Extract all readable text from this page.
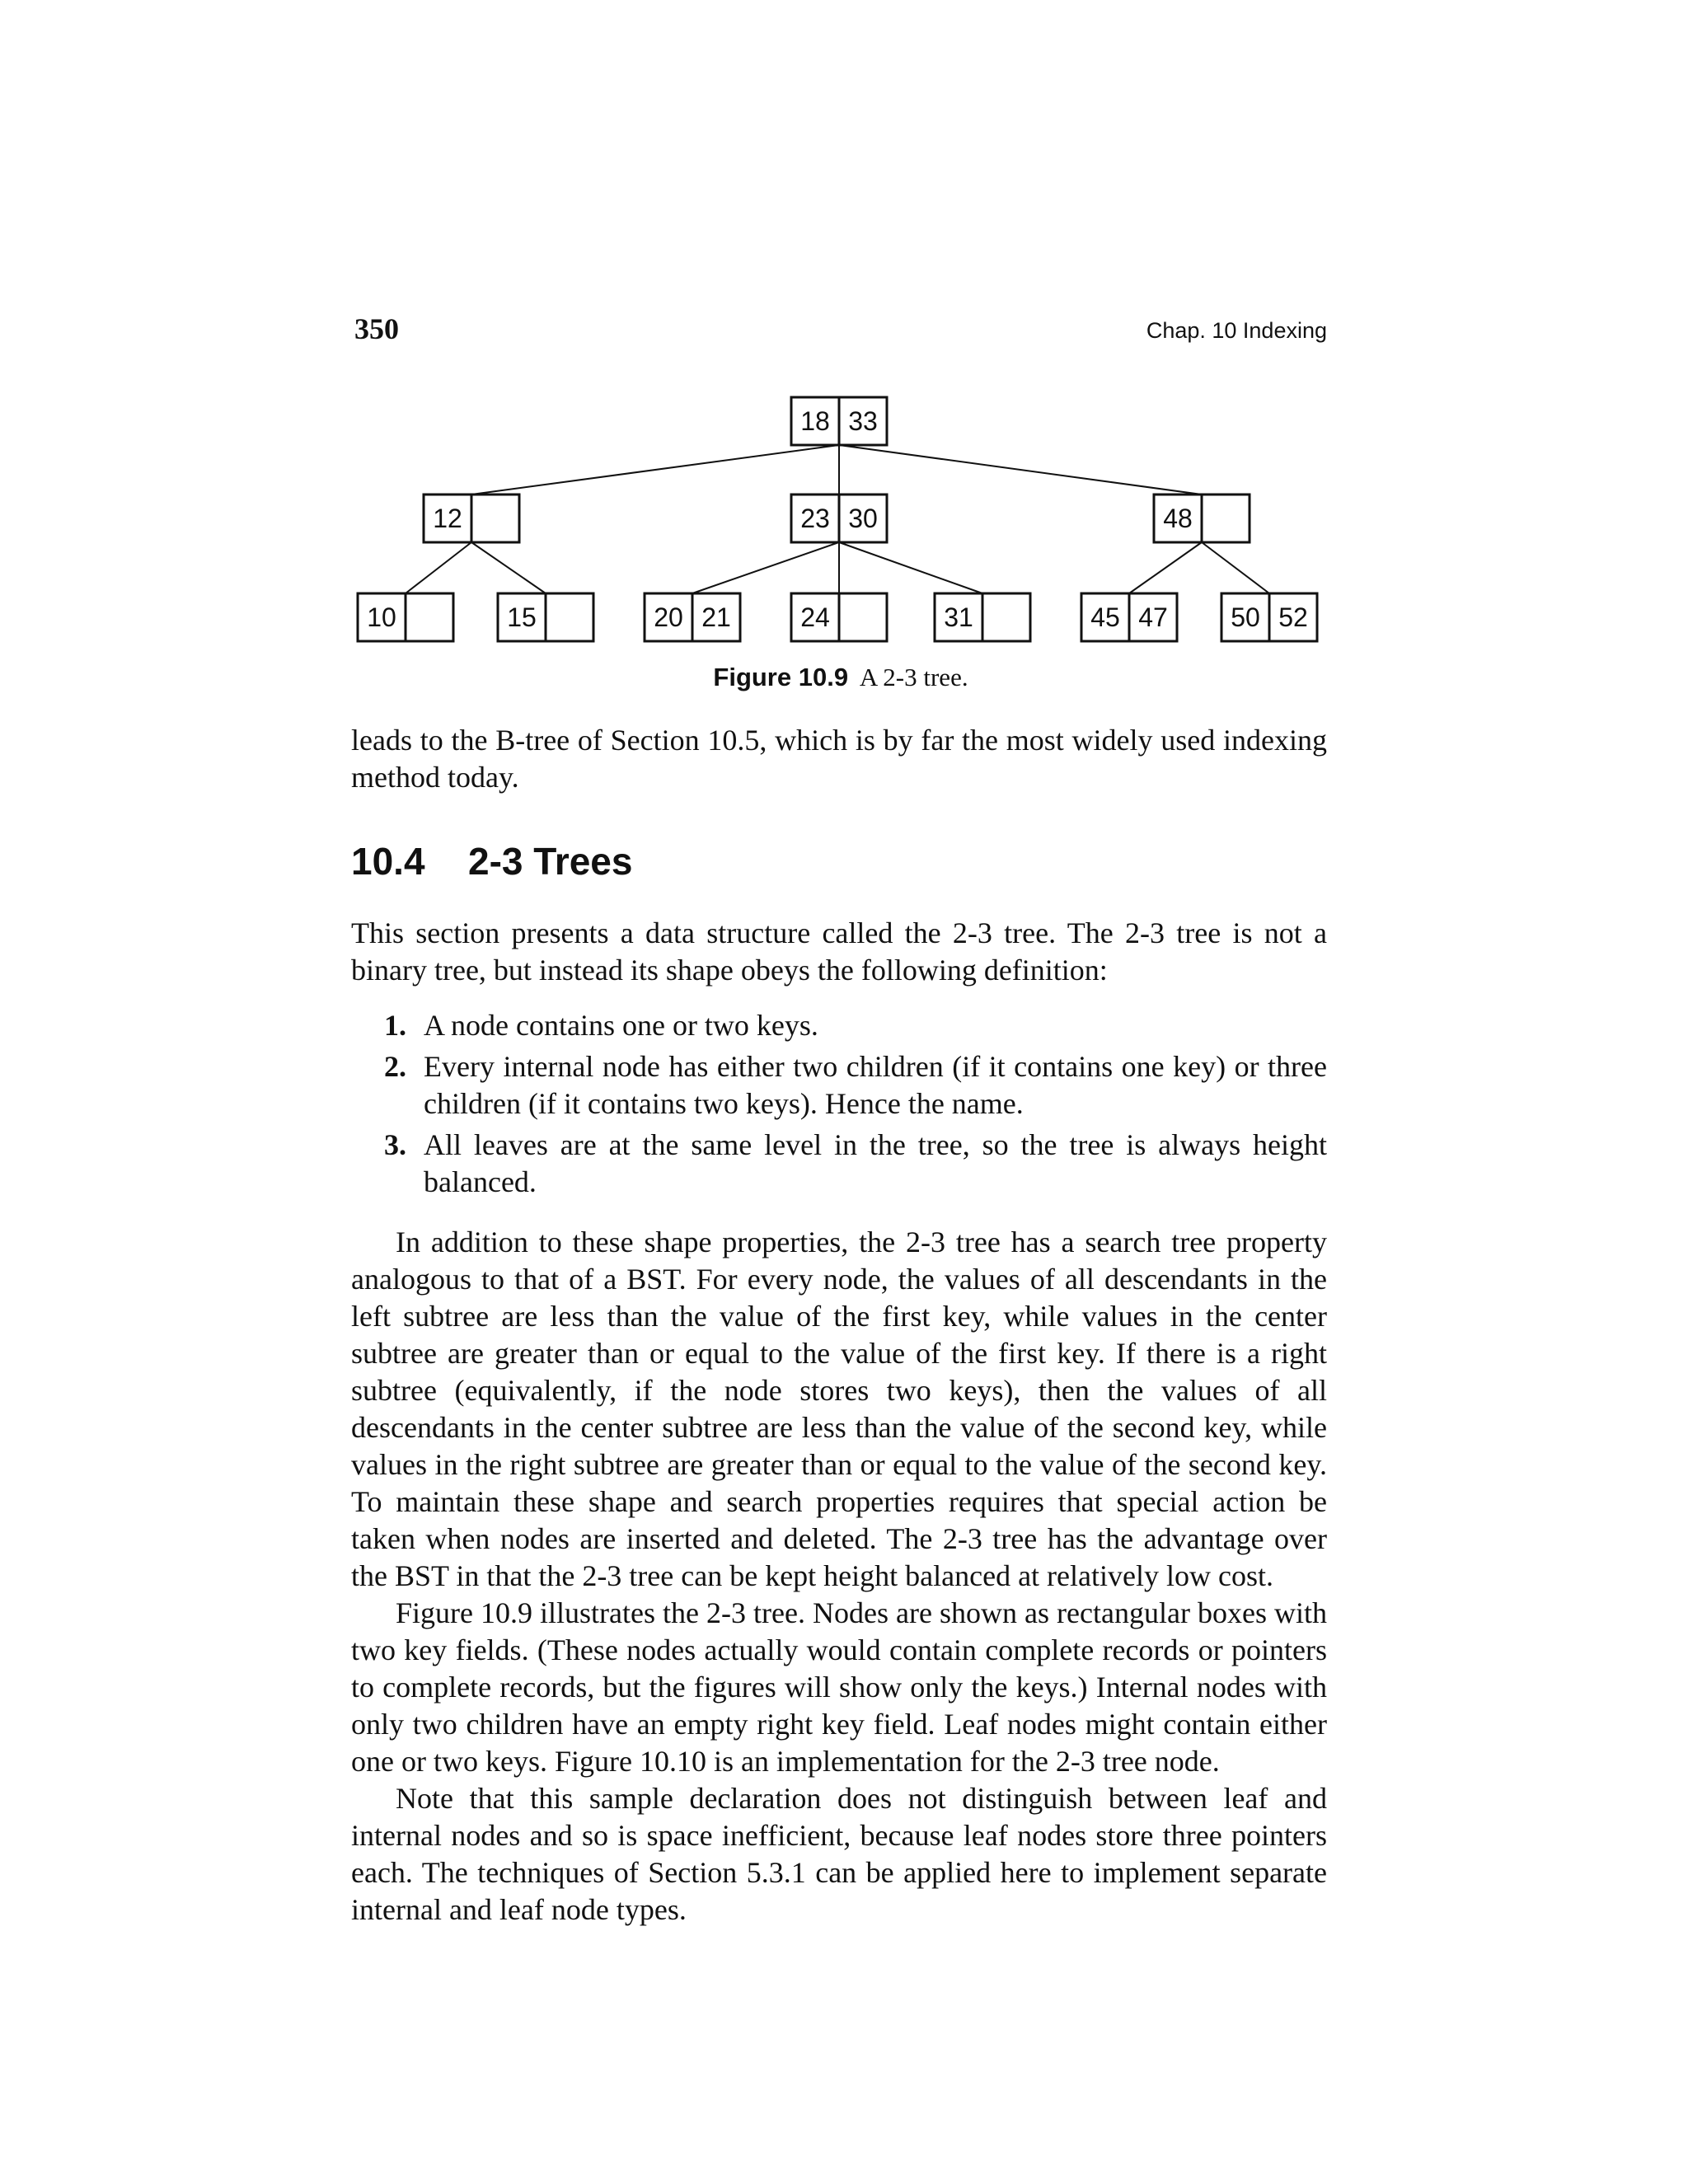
350	Chap. 10 Indexing
18 33
12	23 30	48
10	15	20 21	24	31	45 47 50 52
Figure 10.9 A 2-3 tree.

leads to the B-tree of Section 10.5, which is by far the most widely used indexing method today.

10.4 2-3 Trees

This section presents a data structure called the 2-3 tree. The 2-3 tree is not a binary tree, but instead its shape obeys the following definition:

1. A node contains one or two keys.
2. Every internal node has either two children (if it contains one key) or three children (if it contains two keys). Hence the name.
3. All leaves are at the same level in the tree, so the tree is always height balanced.

In addition to these shape properties, the 2-3 tree has a search tree property analogous to that of a BST. For every node, the values of all descendants in the left subtree are less than the value of the first key, while values in the center subtree are greater than or equal to the value of the first key. If there is a right subtree (equivalently, if the node stores two keys), then the values of all descendants in the center subtree are less than the value of the second key, while values in the right subtree are greater than or equal to the value of the second key. To maintain these shape and search properties requires that special action be taken when nodes are inserted and deleted. The 2-3 tree has the advantage over the BST in that the 2-3 tree can be kept height balanced at relatively low cost.

Figure 10.9 illustrates the 2-3 tree. Nodes are shown as rectangular boxes with two key fields. (These nodes actually would contain complete records or pointers to complete records, but the figures will show only the keys.) Internal nodes with only two children have an empty right key field. Leaf nodes might contain either one or two keys. Figure 10.10 is an implementation for the 2-3 tree node.

Note that this sample declaration does not distinguish between leaf and internal nodes and so is space inefficient, because leaf nodes store three pointers each. The techniques of Section 5.3.1 can be applied here to implement separate internal and leaf node types.
